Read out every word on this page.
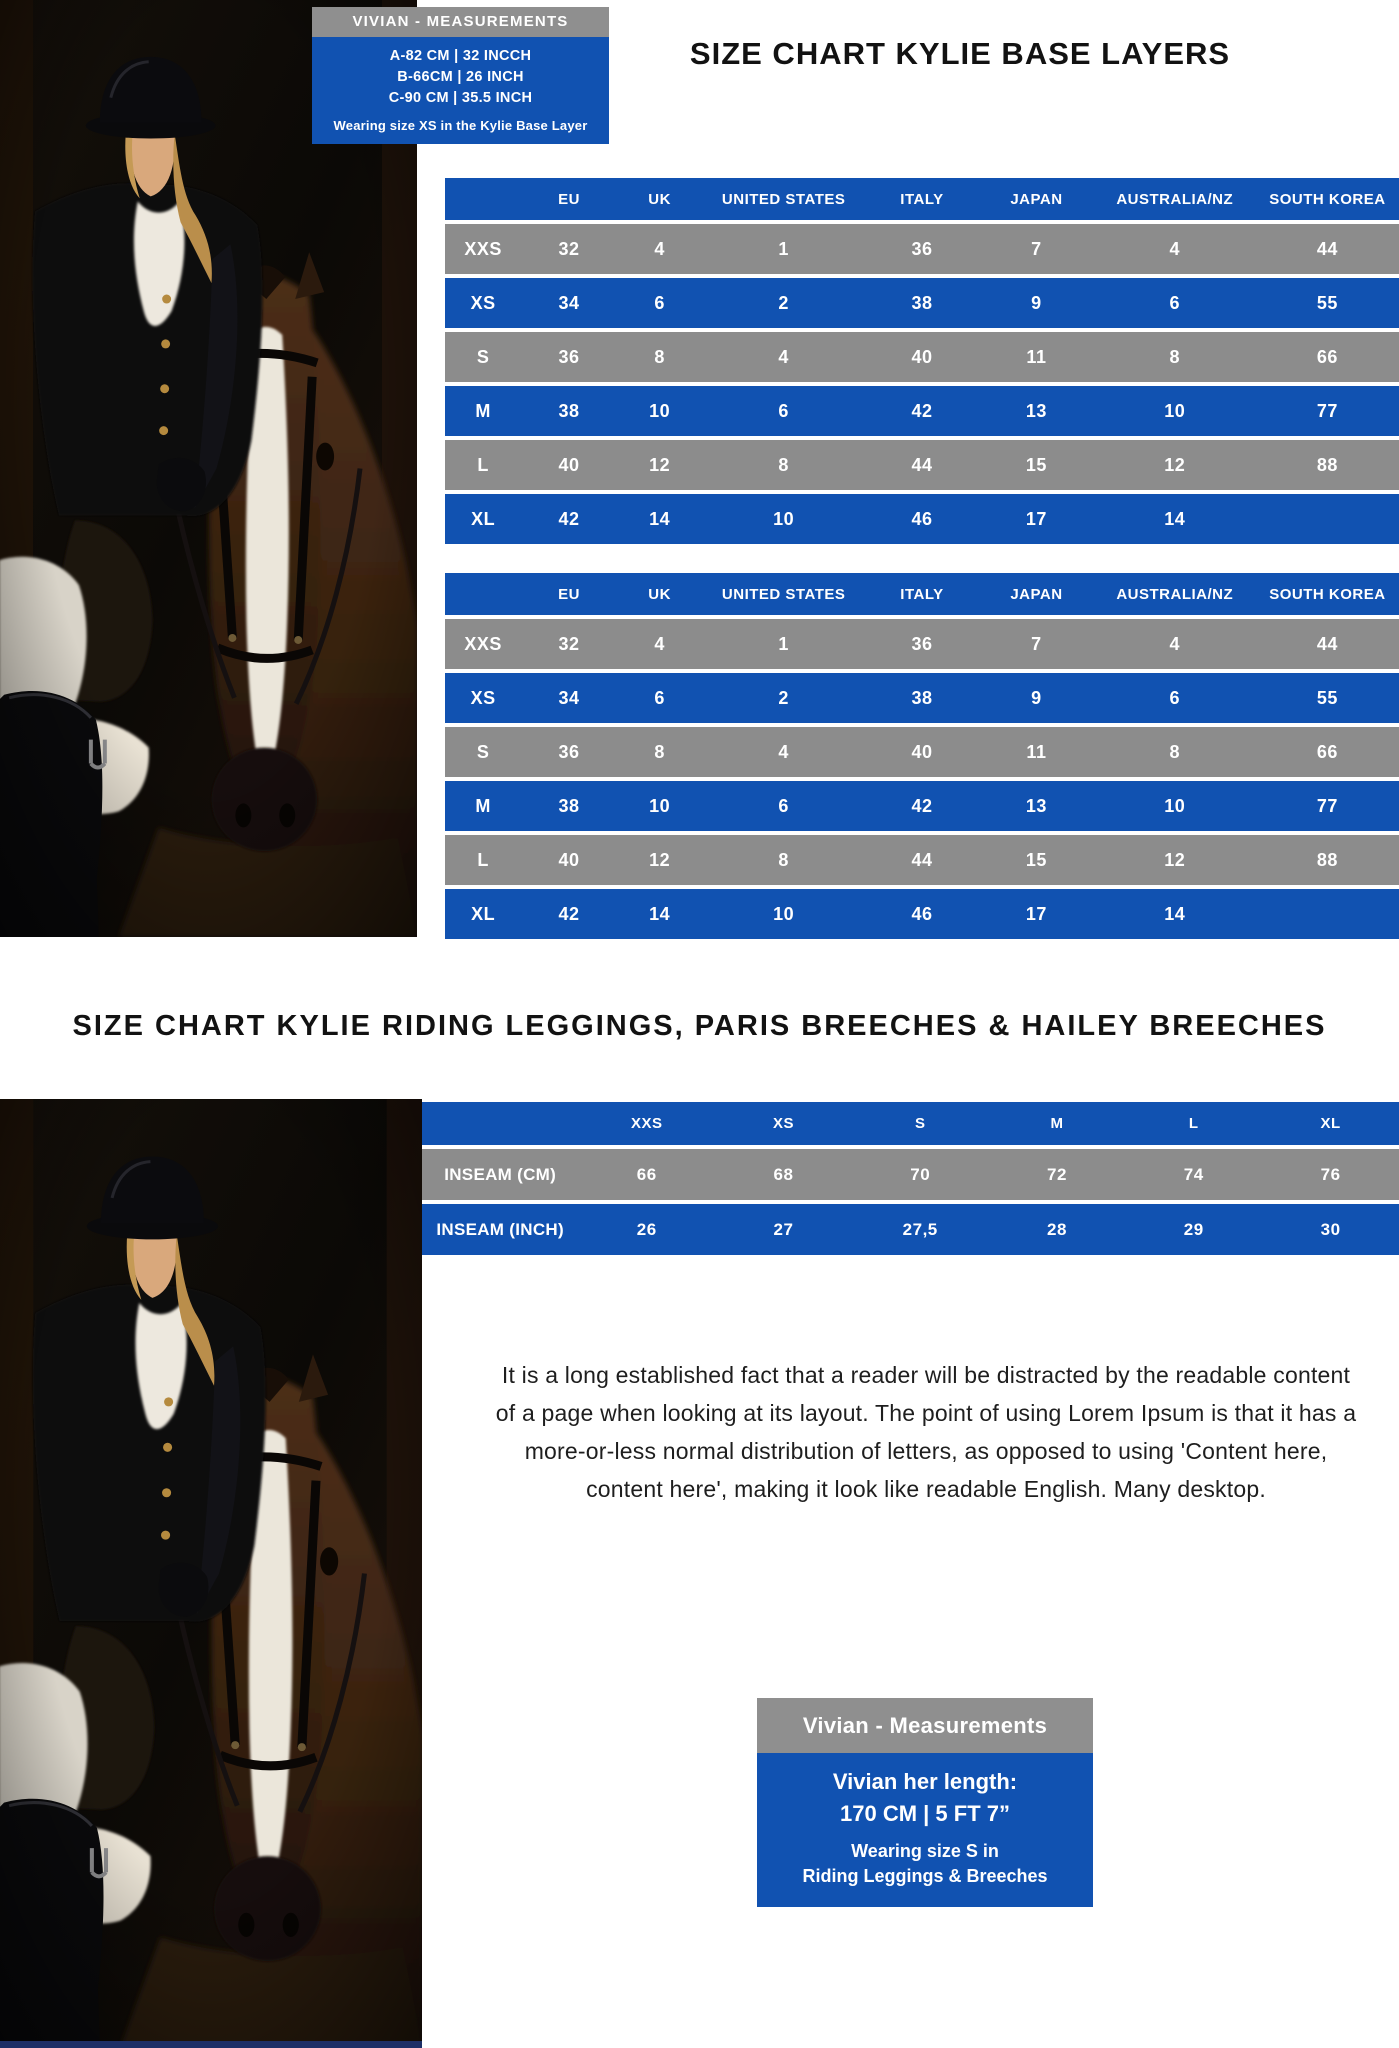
VIVIAN - MEASUREMENTS
A-82 CM | 32 INCCH
B-66CM | 26 INCH
C-90 CM | 35.5 INCH
Wearing size XS in the Kylie Base Layer
SIZE CHART KYLIE BASE LAYERS
	EU	UK	UNITED STATES	ITALY	JAPAN	AUSTRALIA/NZ	SOUTH KOREA
XXS	32	4	1	36	7	4	44
XS	34	6	2	38	9	6	55
S	36	8	4	40	11	8	66
M	38	10	6	42	13	10	77
L	40	12	8	44	15	12	88
XL	42	14	10	46	17	14	
	EU	UK	UNITED STATES	ITALY	JAPAN	AUSTRALIA/NZ	SOUTH KOREA
XXS	32	4	1	36	7	4	44
XS	34	6	2	38	9	6	55
S	36	8	4	40	11	8	66
M	38	10	6	42	13	10	77
L	40	12	8	44	15	12	88
XL	42	14	10	46	17	14	
SIZE CHART KYLIE RIDING LEGGINGS, PARIS BREECHES & HAILEY BREECHES
	XXS	XS	S	M	L	XL
INSEAM (CM)	66	68	70	72	74	76
INSEAM (INCH)	26	27	27,5	28	29	30
It is a long established fact that a reader will be distracted by the readable content of a page when looking at its layout. The point of using Lorem Ipsum is that it has a more-or-less normal distribution of letters, as opposed to using 'Content here, content here', making it look like readable English. Many desktop.
Vivian - Measurements
Vivian her length:
170 CM | 5 FT 7”
Wearing size S in
Riding Leggings & Breeches
